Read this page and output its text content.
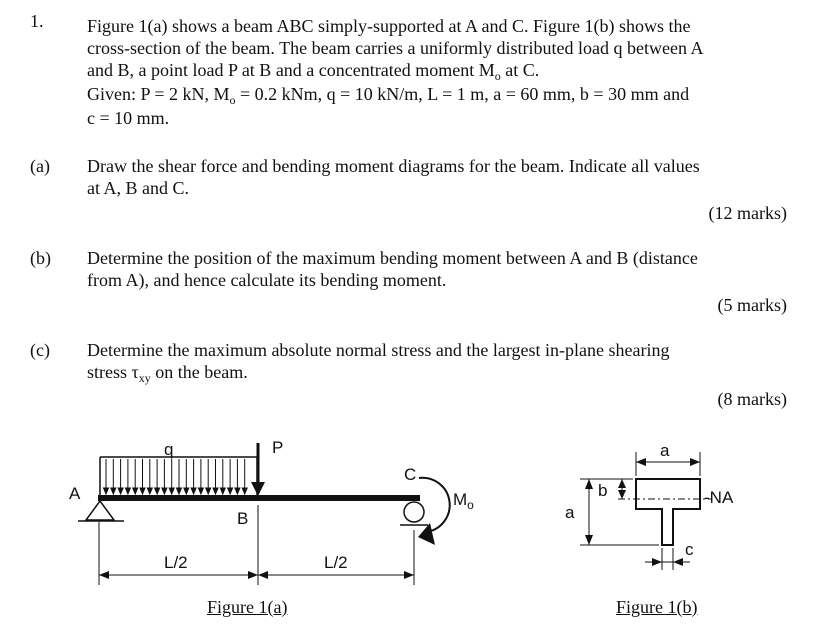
1. Figure 1(a) shows a beam ABC simply-supported at A and C. Figure 1(b) shows the
cross-section of the beam. The beam carries a uniformly distributed load q between A
and B, a point load P at B and a concentrated moment $M_o$ at C.
Given: P = 2 kN, $M_o = 0.2$ kNm, q = 10 kN/m, L = 1 m, a = 60 mm, b = 30 mm and
c = 10 mm.
(a) Draw the shear force and bending moment diagrams for the beam. Indicate all values
at A, B and C.
(12 marks)
(b) Determine the position of the maximum bending moment between A and B (distance
from A), and hence calculate its bending moment.
(5 marks)
(c) Determine the maximum absolute normal stress and the largest in-plane shearing
stress $\tau_{xy}$ on the beam.
(8 marks)
q	P
A
B
C
$M_o$
L/2	L/2
Figure 1(a)
a
a
b	-NA
c
Figure 1(b)
